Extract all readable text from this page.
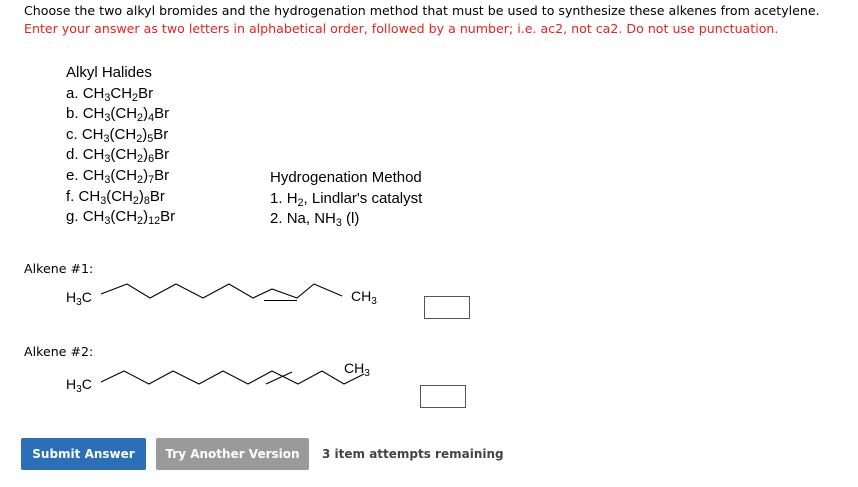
Choose the two alkyl bromides and the hydrogenation method that must be used to synthesize these alkenes from acetylene.
Enter your answer as two letters in alphabetical order, followed by a number; i.e. ac2, not ca2. Do not use punctuation.
Alkyl Halides
a. $CH_3CH_2Br$
b. $CH_3(CH_2)_4Br$
c. $CH_3(CH_2)_5Br$
d. $CH_3(CH_2)_6Br$
e. $CH_3(CH_2)_7Br$
f. $CH_3(CH_2)_8Br$
g. $CH_3(CH_2)_{12}Br$
Hydrogenation Method
1. $H_2$, Lindlar's catalyst
2. Na, $NH_3$ (l)
Alkene #1:
$H_3C$	$CH_3$
Alkene #2:
$H_3C$
$CH_3$
Submit Answer	Try Another Version	3 item attempts remaining
